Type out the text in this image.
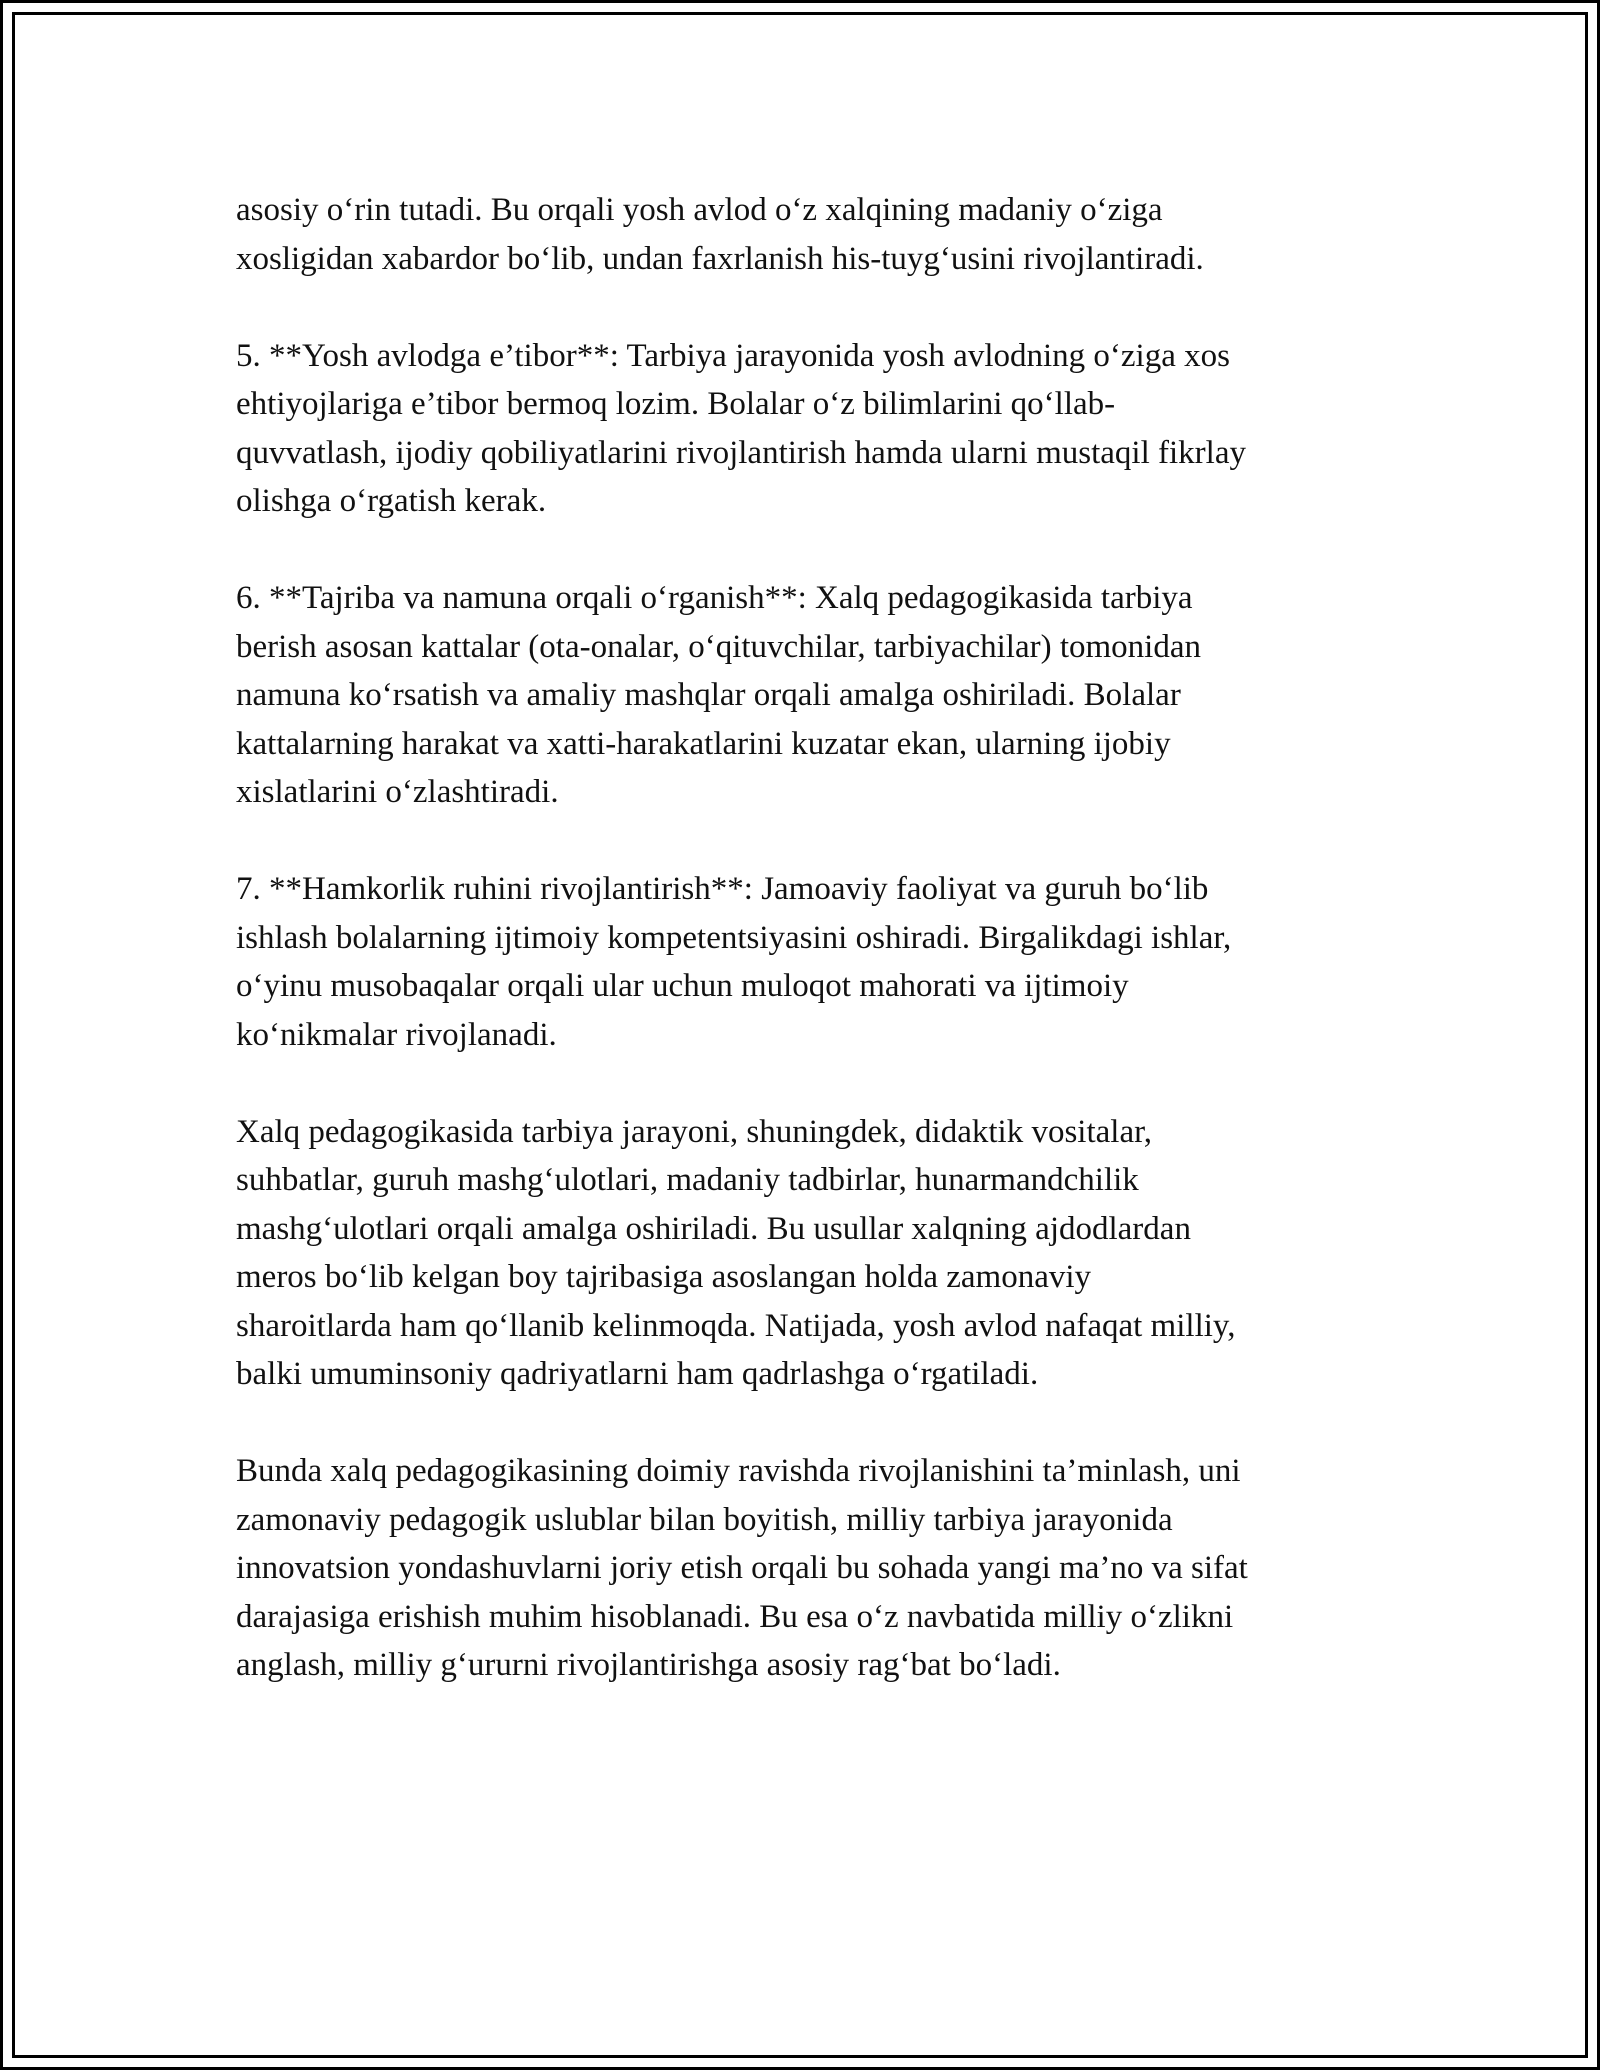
asosiy o‘rin tutadi. Bu orqali yosh avlod o‘z xalqining madaniy o‘ziga
xosligidan xabardor bo‘lib, undan faxrlanish his-tuyg‘usini rivojlantiradi.

5. **Yosh avlodga e’tibor**: Tarbiya jarayonida yosh avlodning o‘ziga xos
ehtiyojlariga e’tibor bermoq lozim. Bolalar o‘z bilimlarini qo‘llab-
quvvatlash, ijodiy qobiliyatlarini rivojlantirish hamda ularni mustaqil fikrlay
olishga o‘rgatish kerak.

6. **Tajriba va namuna orqali o‘rganish**: Xalq pedagogikasida tarbiya
berish asosan kattalar (ota-onalar, o‘qituvchilar, tarbiyachilar) tomonidan
namuna ko‘rsatish va amaliy mashqlar orqali amalga oshiriladi. Bolalar
kattalarning harakat va xatti-harakatlarini kuzatar ekan, ularning ijobiy
xislatlarini o‘zlashtiradi.

7. **Hamkorlik ruhini rivojlantirish**: Jamoaviy faoliyat va guruh bo‘lib
ishlash bolalarning ijtimoiy kompetentsiyasini oshiradi. Birgalikdagi ishlar,
o‘yinu musobaqalar orqali ular uchun muloqot mahorati va ijtimoiy
ko‘nikmalar rivojlanadi.

Xalq pedagogikasida tarbiya jarayoni, shuningdek, didaktik vositalar,
suhbatlar, guruh mashg‘ulotlari, madaniy tadbirlar, hunarmandchilik
mashg‘ulotlari orqali amalga oshiriladi. Bu usullar xalqning ajdodlardan
meros bo‘lib kelgan boy tajribasiga asoslangan holda zamonaviy
sharoitlarda ham qo‘llanib kelinmoqda. Natijada, yosh avlod nafaqat milliy,
balki umuminsoniy qadriyatlarni ham qadrlashga o‘rgatiladi.

Bunda xalq pedagogikasining doimiy ravishda rivojlanishini ta’minlash, uni
zamonaviy pedagogik uslublar bilan boyitish, milliy tarbiya jarayonida
innovatsion yondashuvlarni joriy etish orqali bu sohada yangi ma’no va sifat
darajasiga erishish muhim hisoblanadi. Bu esa o‘z navbatida milliy o‘zlikni
anglash, milliy g‘ururni rivojlantirishga asosiy rag‘bat bo‘ladi.
